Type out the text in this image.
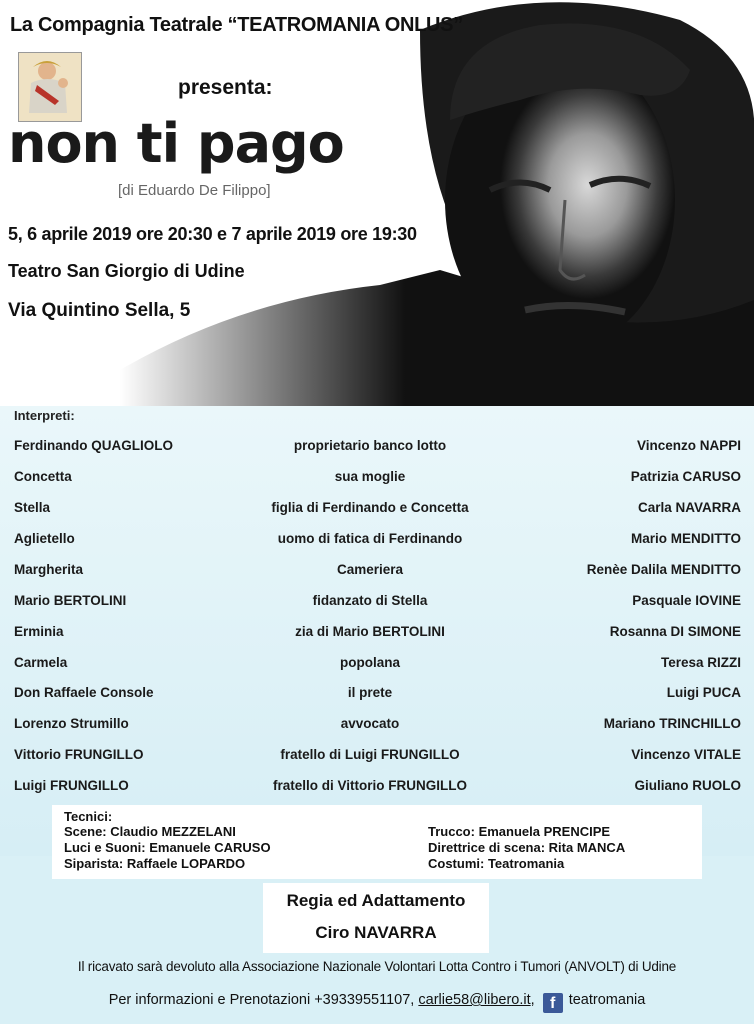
La Compagnia Teatrale “TEATROMANIA ONLUS”
presenta:
non ti pago
[di Eduardo De Filippo]
5, 6 aprile 2019 ore 20:30 e 7 aprile 2019 ore 19:30
Teatro San Giorgio di Udine
Via Quintino Sella, 5
Interpreti:
Ferdinando QUAGLIOLO	proprietario banco lotto	Vincenzo NAPPI
Concetta	sua moglie	Patrizia CARUSO
Stella	figlia di Ferdinando e Concetta	Carla NAVARRA
Aglietello	uomo di fatica di Ferdinando	Mario MENDITTO
Margherita	Cameriera	Renèe Dalila MENDITTO
Mario BERTOLINI	fidanzato di Stella	Pasquale IOVINE
Erminia	zia di Mario BERTOLINI	Rosanna DI SIMONE
Carmela	popolana	Teresa RIZZI
Don Raffaele Console	il prete	Luigi PUCA
Lorenzo Strumillo	avvocato	Mariano TRINCHILLO
Vittorio FRUNGILLO	fratello di Luigi FRUNGILLO	Vincenzo VITALE
Luigi FRUNGILLO	fratello di Vittorio FRUNGILLO	Giuliano RUOLO
Tecnici:
Scene: Claudio MEZZELANI
Luci e Suoni: Emanuele CARUSO
Siparista: Raffaele LOPARDO
Trucco: Emanuela PRENCIPE
Direttrice di scena: Rita MANCA
Costumi: Teatromania
Regia ed Adattamento
Ciro NAVARRA
Il ricavato sarà devoluto alla Associazione Nazionale Volontari Lotta Contro i Tumori (ANVOLT) di Udine
Per informazioni e Prenotazioni +39339551107, carlie58@libero.it, f teatromania
